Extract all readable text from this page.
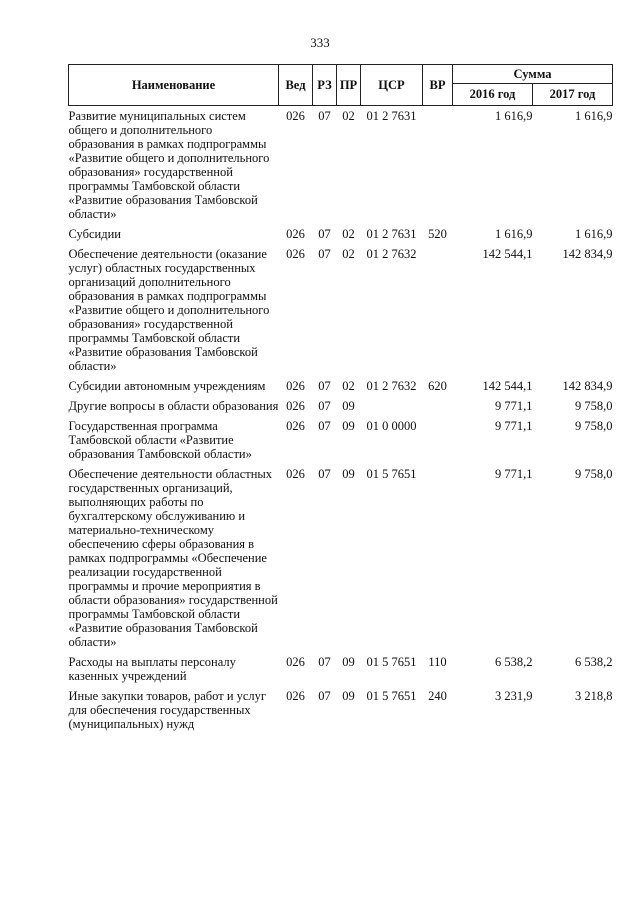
333
Наименование	Вед	РЗ	ПР	ЦСР	ВР	Сумма	
						2016 год	2017 год
Развитие муниципальных систем общего и дополнительного образования в рамках подпрограммы «Развитие общего и дополнительного образования» государственной программы Тамбовской области «Развитие образования Тамбовской области»	026	07	02	01 2 7631		1 616,9	1 616,9
Субсидии	026	07	02	01 2 7631	520	1 616,9	1 616,9
Обеспечение деятельности (оказание услуг) областных государственных организаций дополнительного образования в рамках подпрограммы «Развитие общего и дополнительного образования» государственной программы Тамбовской области «Развитие образования Тамбовской области»	026	07	02	01 2 7632		142 544,1	142 834,9
Субсидии автономным учреждениям	026	07	02	01 2 7632	620	142 544,1	142 834,9
Другие вопросы в области образования	026	07	09			9 771,1	9 758,0
Государственная программа Тамбовской области «Развитие образования Тамбовской области»	026	07	09	01 0 0000		9 771,1	9 758,0
Обеспечение деятельности областных государственных организаций, выполняющих работы по бухгалтерскому обслуживанию и материально-техническому обеспечению сферы образования в рамках подпрограммы «Обеспечение реализации государственной программы и прочие мероприятия в области образования» государственной программы Тамбовской области «Развитие образования Тамбовской области»	026	07	09	01 5 7651		9 771,1	9 758,0
Расходы на выплаты персоналу казенных учреждений	026	07	09	01 5 7651	110	6 538,2	6 538,2
Иные закупки товаров, работ и услуг для обеспечения государственных (муниципальных) нужд	026	07	09	01 5 7651	240	3 231,9	3 218,8
